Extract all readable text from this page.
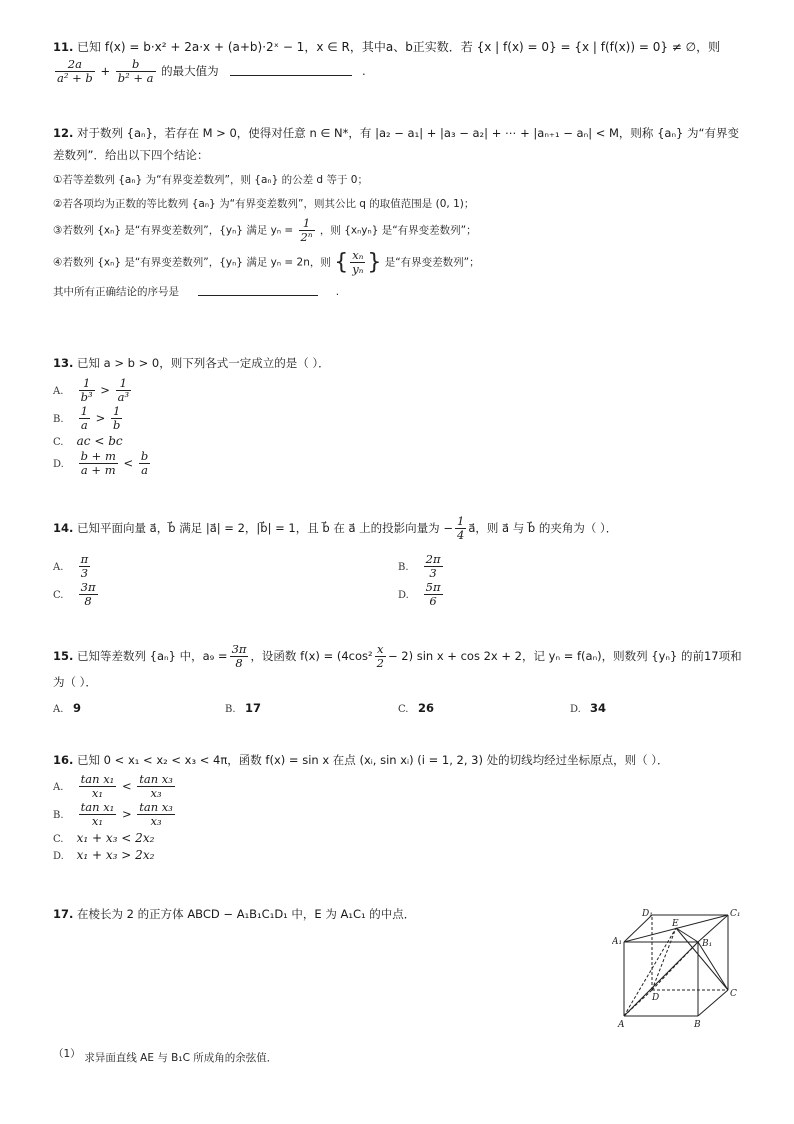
11. 已知 f(x) = b·x² + 2a·x + (a+b)·2ˣ − 1，x ∈ R，其中a、b正实数．若 {x | f(x) = 0} = {x | f(f(x)) = 0} ≠ ∅，则
$\frac{2a}{\text{a² + b}} + \frac{b}{\text{b² + a}}$ 的最大值为	.
12. 对于数列 {aₙ}，若存在 M > 0，使得对任意 n ∈ N*，有 |a₂ − a₁| + |a₃ − a₂| + ⋯ + |aₙ₊₁ − aₙ| < M，则称 {aₙ} 为“有界变
差数列”．给出以下四个结论：
①若等差数列 {aₙ} 为“有界变差数列”，则 {aₙ} 的公差 d 等于 0；
②若各项均为正数的等比数列 {aₙ} 为“有界变差数列”，则其公比 q 的取值范围是 (0, 1)；
③若数列 {xₙ} 是“有界变差数列”，{yₙ} 满足 $y_n = \frac{1}{\text{2ⁿ}}$ ，则 {xₙyₙ} 是“有界变差数列”；
④若数列 {xₙ} 是“有界变差数列”，{yₙ} 满足 yₙ = 2n，则 { $\frac{\text{xₙ}}{\text{yₙ}}$ } 是“有界变差数列”；
其中所有正确结论的序号是	.
13. 已知 a > b > 0，则下列各式一定成立的是（ ）．
A. $\frac{1}{\text{b³}} > \frac{1}{\text{a³}}$
B. $\frac{1}{a} > \frac{1}{b}$
C. ac < bc
D. $\frac{b + m}{a + m} < \frac{b}{a}$
14. 已知平面向量 a⃗，b⃗ 满足 |a⃗| = 2，|b⃗| = 1，且 b⃗ 在 a⃗ 上的投影向量为 − $\frac{1}{4}$ a⃗，则 a⃗ 与 b⃗ 的夹角为（ ）．
A. $\frac{\pi}{3}$	B. $\frac{2\pi}{3}$
C. $\frac{3\pi}{8}$	D. $\frac{5\pi}{6}$
15. 已知等差数列 {aₙ} 中，$a_9 = \frac{3\pi}{8}$ ，设函数 $f(x) = (4\cos^2 \frac{x}{2} - 2)$ sin x + cos 2x + 2，记 yₙ = f(aₙ)，则数列 {yₙ} 的前17项和
为（ ）．
A. 9	B. 17	C. 26	D. 34
16. 已知 0 < x₁ < x₂ < x₃ < 4π，函数 f(x) = sin x 在点 (xᵢ, sin xᵢ) (i = 1, 2, 3) 处的切线均经过坐标原点，则（ ）．
A. $\frac{\text{tan x₁}}{\text{x₁}} < \frac{\text{tan x₃}}{\text{x₃}}$
B. $\frac{\text{tan x₁}}{\text{x₁}} > \frac{\text{tan x₃}}{\text{x₃}}$
C. x₁ + x₃ < 2x₂
D. x₁ + x₃ > 2x₂
17. 在棱长为 2 的正方体 ABCD − A₁B₁C₁D₁ 中，E 为 A₁C₁ 的中点．
（1） 求异面直线 AE 与 B₁C 所成角的余弦值．
D₁	C₁
A₁	B₁
E
D	C
A	B
